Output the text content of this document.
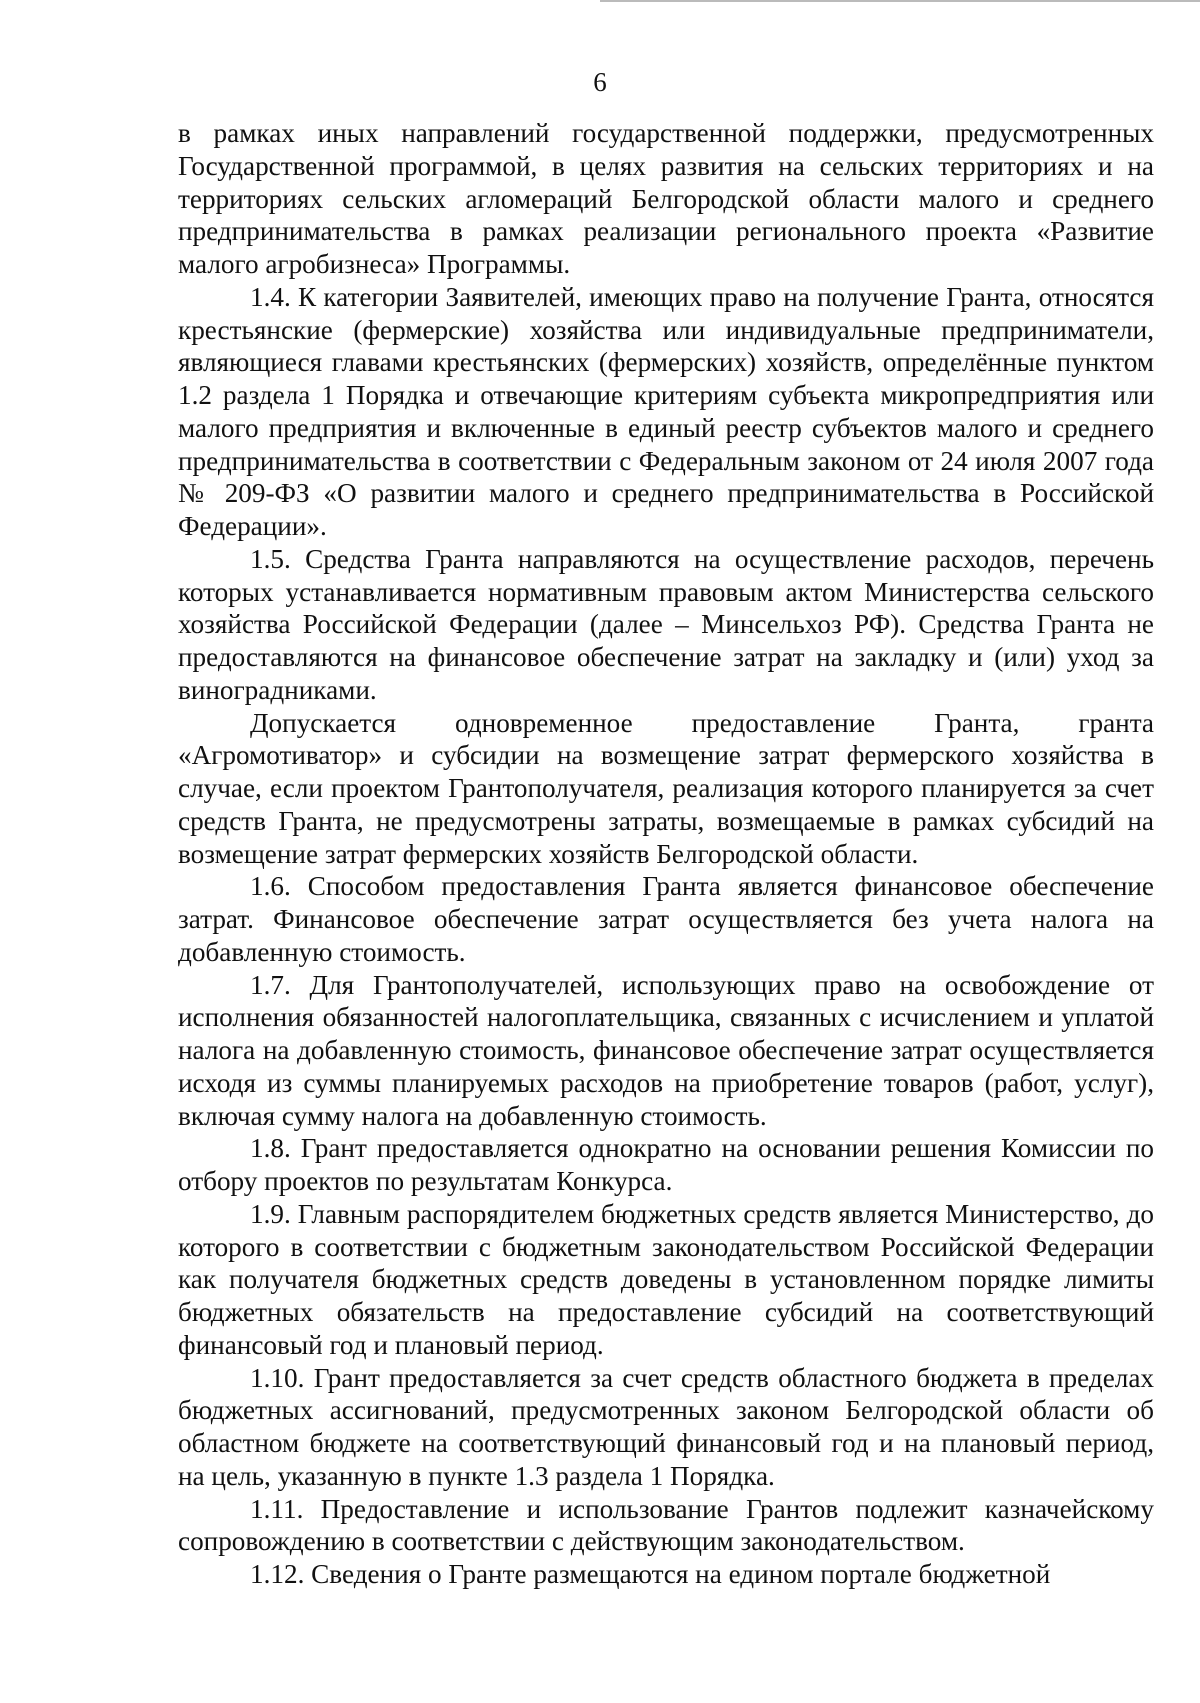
6

в рамках иных направлений государственной поддержки, предусмотренных Государственной программой, в целях развития на сельских территориях и на территориях сельских агломераций Белгородской области малого и среднего предпринимательства в рамках реализации регионального проекта «Развитие малого агробизнеса» Программы.

1.4. К категории Заявителей, имеющих право на получение Гранта, относятся крестьянские (фермерские) хозяйства или индивидуальные предприниматели, являющиеся главами крестьянских (фермерских) хозяйств, определённые пунктом 1.2 раздела 1 Порядка и отвечающие критериям субъекта микропредприятия или малого предприятия и включенные в единый реестр субъектов малого и среднего предпринимательства в соответствии с Федеральным законом от 24 июля 2007 года № 209-ФЗ «О развитии малого и среднего предпринимательства в Российской Федерации».

1.5. Средства Гранта направляются на осуществление расходов, перечень которых устанавливается нормативным правовым актом Министерства сельского хозяйства Российской Федерации (далее – Минсельхоз РФ). Средства Гранта не предоставляются на финансовое обеспечение затрат на закладку и (или) уход за виноградниками.

Допускается одновременное предоставление Гранта, гранта «Агромотиватор» и субсидии на возмещение затрат фермерского хозяйства в случае, если проектом Грантополучателя, реализация которого планируется за счет средств Гранта, не предусмотрены затраты, возмещаемые в рамках субсидий на возмещение затрат фермерских хозяйств Белгородской области.

1.6. Способом предоставления Гранта является финансовое обеспечение затрат. Финансовое обеспечение затрат осуществляется без учета налога на добавленную стоимость.

1.7. Для Грантополучателей, использующих право на освобождение от исполнения обязанностей налогоплательщика, связанных с исчислением и уплатой налога на добавленную стоимость, финансовое обеспечение затрат осуществляется исходя из суммы планируемых расходов на приобретение товаров (работ, услуг), включая сумму налога на добавленную стоимость.

1.8. Грант предоставляется однократно на основании решения Комиссии по отбору проектов по результатам Конкурса.

1.9. Главным распорядителем бюджетных средств является Министерство, до которого в соответствии с бюджетным законодательством Российской Федерации как получателя бюджетных средств доведены в установленном порядке лимиты бюджетных обязательств на предоставление субсидий на соответствующий финансовый год и плановый период.

1.10. Грант предоставляется за счет средств областного бюджета в пределах бюджетных ассигнований, предусмотренных законом Белгородской области об областном бюджете на соответствующий финансовый год и на плановый период, на цель, указанную в пункте 1.3 раздела 1 Порядка.

1.11. Предоставление и использование Грантов подлежит казначейскому сопровождению в соответствии с действующим законодательством.

1.12. Сведения о Гранте размещаются на едином портале бюджетной
